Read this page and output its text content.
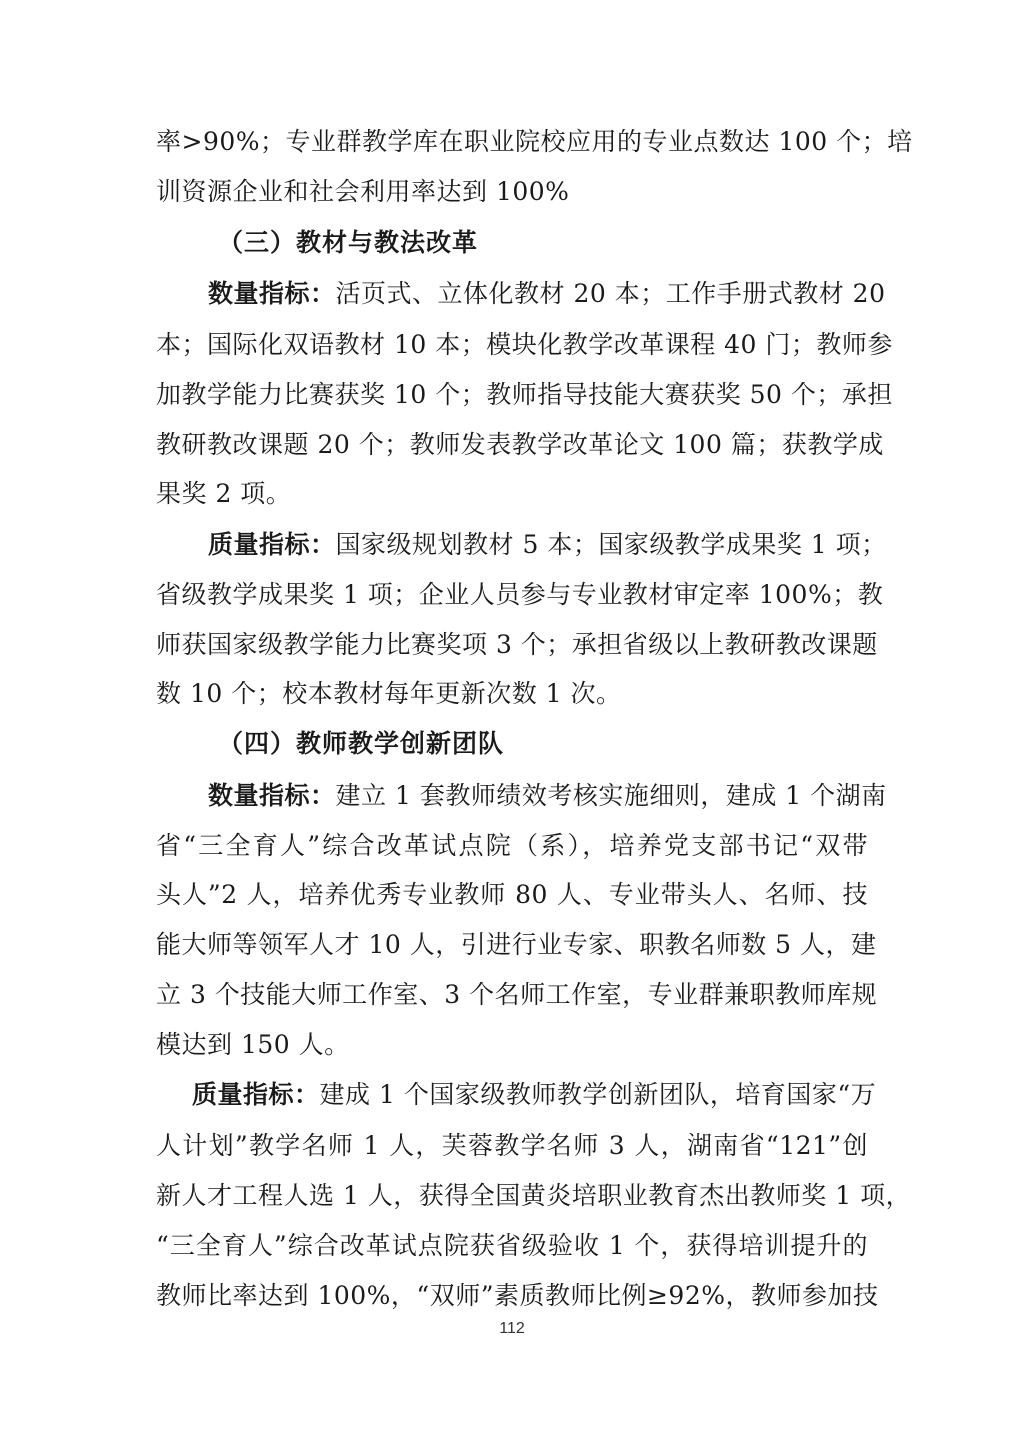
率>90%；专业群教学库在职业院校应用的专业点数达 100 个；培
训资源企业和社会利用率达到 100%
（三）教材与教法改革
数量指标：活页式、立体化教材 20 本；工作手册式教材 20
本；国际化双语教材 10 本；模块化教学改革课程 40 门；教师参
加教学能力比赛获奖 10 个；教师指导技能大赛获奖 50 个；承担
教研教改课题 20 个；教师发表教学改革论文 100 篇；获教学成
果奖 2 项。
质量指标：国家级规划教材 5 本；国家级教学成果奖 1 项；
省级教学成果奖 1 项；企业人员参与专业教材审定率 100%；教
师获国家级教学能力比赛奖项 3 个；承担省级以上教研教改课题
数 10 个；校本教材每年更新次数 1 次。
（四）教师教学创新团队
数量指标：建立 1 套教师绩效考核实施细则，建成 1 个湖南
省“三全育人”综合改革试点院（系），培养党支部书记“双带
头人”2 人，培养优秀专业教师 80 人、专业带头人、名师、技
能大师等领军人才 10 人，引进行业专家、职教名师数 5 人，建
立 3 个技能大师工作室、3 个名师工作室，专业群兼职教师库规
模达到 150 人。
质量指标：建成 1 个国家级教师教学创新团队，培育国家“万
人计划”教学名师 1 人，芙蓉教学名师 3 人，湖南省“121”创
新人才工程人选 1 人，获得全国黄炎培职业教育杰出教师奖 1 项，
“三全育人”综合改革试点院获省级验收 1 个，获得培训提升的
教师比率达到 100%，“双师”素质教师比例≥92%，教师参加技
112
